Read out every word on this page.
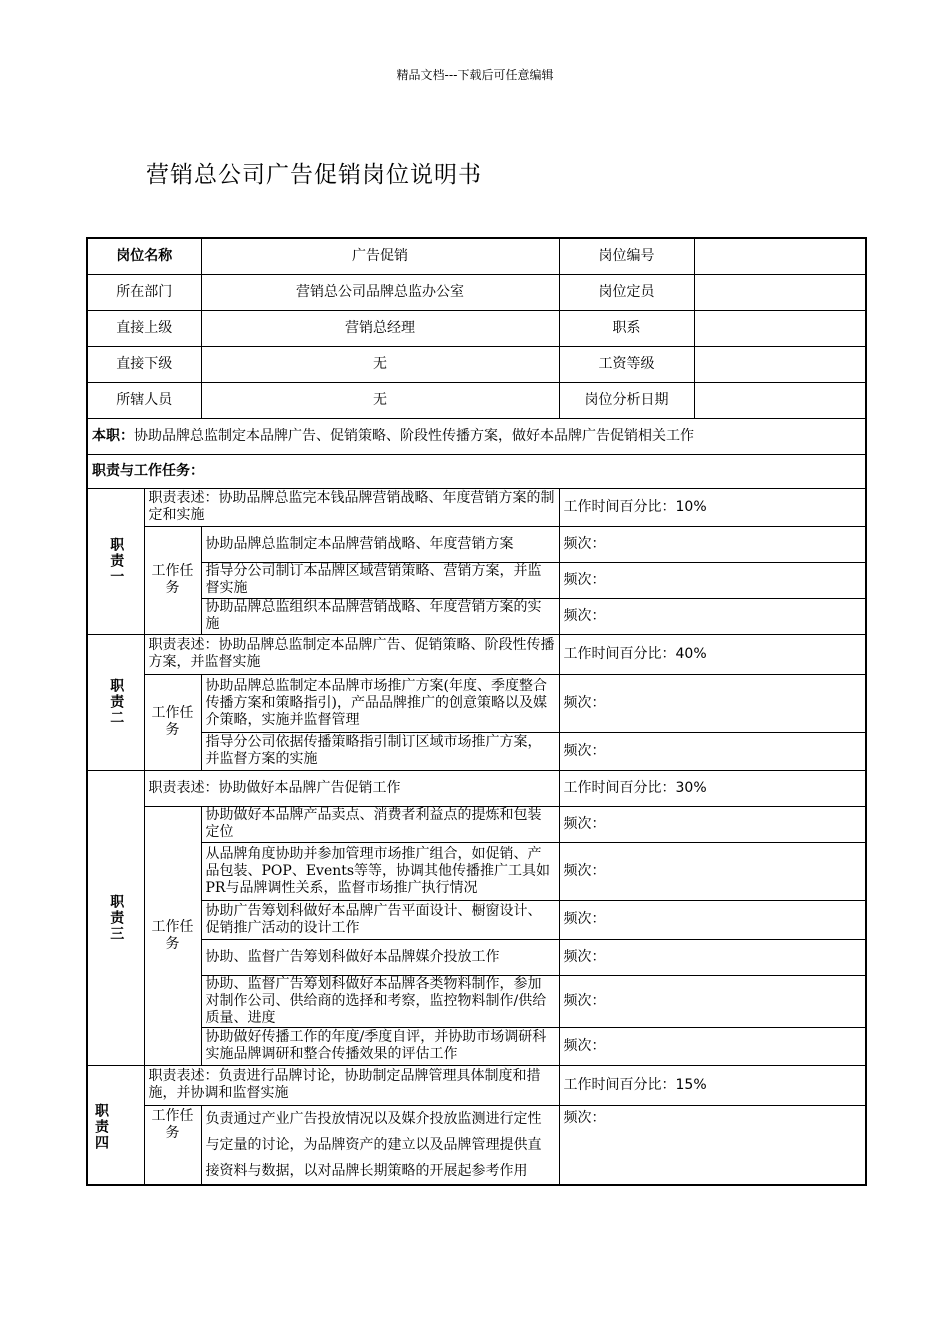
精品文档---下载后可任意编辑
营销总公司广告促销岗位说明书
岗位名称		广告促销	岗位编号	
所在部门		营销总公司品牌总监办公室	岗位定员	
直接上级		营销总经理	职系	
直接下级		无	工资等级	
所辖人员		无	岗位分析日期	
本职：协助品牌总监制定本品牌广告、促销策略、阶段性传播方案，做好本品牌广告促销相关工作				
职责与工作任务：				
职责一	职责表述：协助品牌总监完本钱品牌营销战略、年度营销方案的制定和实施		工作时间百分比：10%	
	工作任务	协助品牌总监制定本品牌营销战略、年度营销方案	频次：	
		指导分公司制订本品牌区域营销策略、营销方案，并监督实施	频次：	
		协助品牌总监组织本品牌营销战略、年度营销方案的实施	频次：	
职责二	职责表述：协助品牌总监制定本品牌广告、促销策略、阶段性传播方案，并监督实施		工作时间百分比：40%	
	工作任务	协助品牌总监制定本品牌市场推广方案(年度、季度整合传播方案和策略指引)，产品品牌推广的创意策略以及媒介策略，实施并监督管理	频次：	
		指导分公司依据传播策略指引制订区域市场推广方案，并监督方案的实施	频次：	
职责三	职责表述：协助做好本品牌广告促销工作		工作时间百分比：30%	
	工作任务	协助做好本品牌产品卖点、消费者利益点的提炼和包装定位	频次：	
		从品牌角度协助并参加管理市场推广组合，如促销、产品包装、POP、Events等等，协调其他传播推广工具如PR与品牌调性关系，监督市场推广执行情况	频次：	
		协助广告筹划科做好本品牌广告平面设计、橱窗设计、促销推广活动的设计工作	频次：	
		协助、监督广告筹划科做好本品牌媒介投放工作	频次：	
		协助、监督广告筹划科做好本品牌各类物料制作，参加对制作公司、供给商的选择和考察，监控物料制作/供给质量、进度	频次：	
		协助做好传播工作的年度/季度自评，并协助市场调研科实施品牌调研和整合传播效果的评估工作	频次：	
职责四	职责表述：负责进行品牌讨论，协助制定品牌管理具体制度和措施，并协调和监督实施		工作时间百分比：15%	
	工作任务	负责通过产业广告投放情况以及媒介投放监测进行定性与定量的讨论，为品牌资产的建立以及品牌管理提供直接资料与数据，以对品牌长期策略的开展起参考作用	频次：	
